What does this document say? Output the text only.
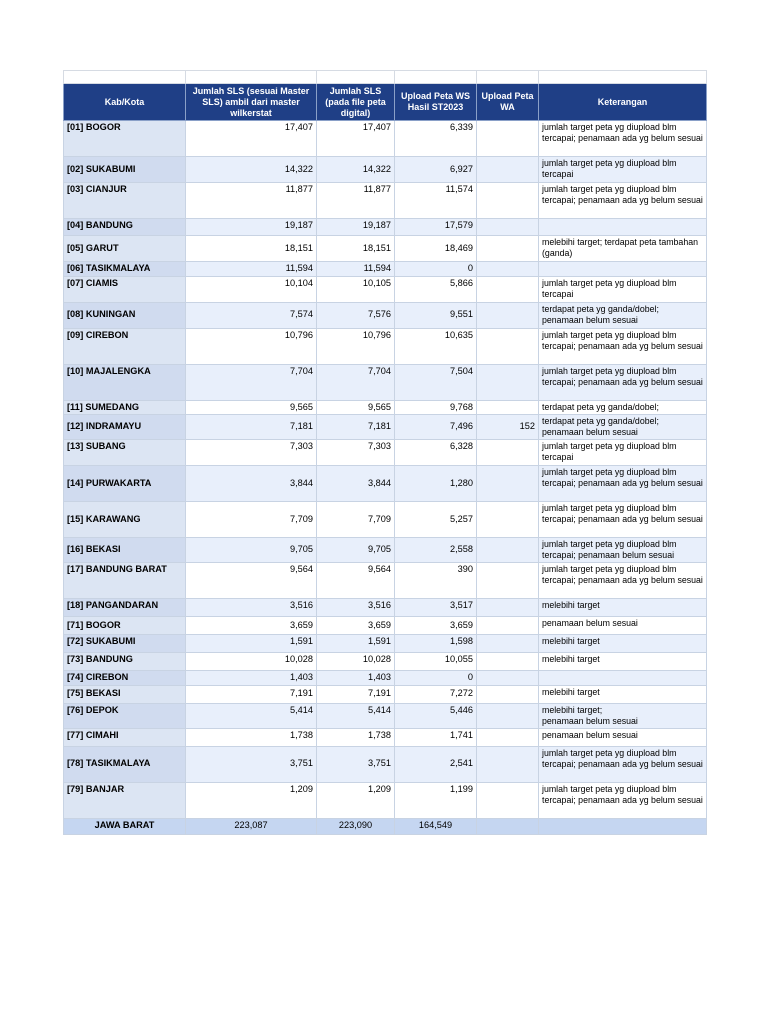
Kab/Kota	Jumlah SLS (sesuai Master SLS) ambil dari master wilkerstat	Jumlah SLS (pada file peta digital)	Upload Peta WS Hasil ST2023	Upload Peta WA	Keterangan
[01] BOGOR	17,407	17,407	6,339		jumlah target peta yg diupload blm tercapai; penamaan ada yg belum sesuai
[02] SUKABUMI	14,322	14,322	6,927		jumlah target peta yg diupload blm tercapai
[03] CIANJUR	11,877	11,877	11,574		jumlah target peta yg diupload blm tercapai; penamaan ada yg belum sesuai
[04] BANDUNG	19,187	19,187	17,579		
[05] GARUT	18,151	18,151	18,469		melebihi target; terdapat peta tambahan (ganda)
[06] TASIKMALAYA	11,594	11,594	0		
[07] CIAMIS	10,104	10,105	5,866		jumlah target peta yg diupload blm tercapai
[08] KUNINGAN	7,574	7,576	9,551		terdapat peta yg ganda/dobel;
penamaan belum sesuai
[09] CIREBON	10,796	10,796	10,635		jumlah target peta yg diupload blm tercapai; penamaan ada yg belum sesuai
[10] MAJALENGKA	7,704	7,704	7,504		jumlah target peta yg diupload blm tercapai; penamaan ada yg belum sesuai
[11] SUMEDANG	9,565	9,565	9,768		terdapat peta yg ganda/dobel;
[12] INDRAMAYU	7,181	7,181	7,496	152	terdapat peta yg ganda/dobel;
penamaan belum sesuai
[13] SUBANG	7,303	7,303	6,328		jumlah target peta yg diupload blm tercapai
[14] PURWAKARTA	3,844	3,844	1,280		jumlah target peta yg diupload blm tercapai; penamaan ada yg belum sesuai
[15] KARAWANG	7,709	7,709	5,257		jumlah target peta yg diupload blm tercapai; penamaan ada yg belum sesuai
[16] BEKASI	9,705	9,705	2,558		jumlah target peta yg diupload blm tercapai; penamaan belum sesuai
[17] BANDUNG BARAT	9,564	9,564	390		jumlah target peta yg diupload blm tercapai; penamaan ada yg belum sesuai
[18] PANGANDARAN	3,516	3,516	3,517		melebihi target
[71] BOGOR	3,659	3,659	3,659		penamaan belum sesuai
[72] SUKABUMI	1,591	1,591	1,598		melebihi target
[73] BANDUNG	10,028	10,028	10,055		melebihi target
[74] CIREBON	1,403	1,403	0		
[75] BEKASI	7,191	7,191	7,272		melebihi target
[76] DEPOK	5,414	5,414	5,446		melebihi target;
penamaan belum sesuai
[77] CIMAHI	1,738	1,738	1,741		penamaan belum sesuai
[78] TASIKMALAYA	3,751	3,751	2,541		jumlah target peta yg diupload blm tercapai; penamaan ada yg belum sesuai
[79] BANJAR	1,209	1,209	1,199		jumlah target peta yg diupload blm tercapai; penamaan ada yg belum sesuai
JAWA BARAT	223,087	223,090	164,549		
